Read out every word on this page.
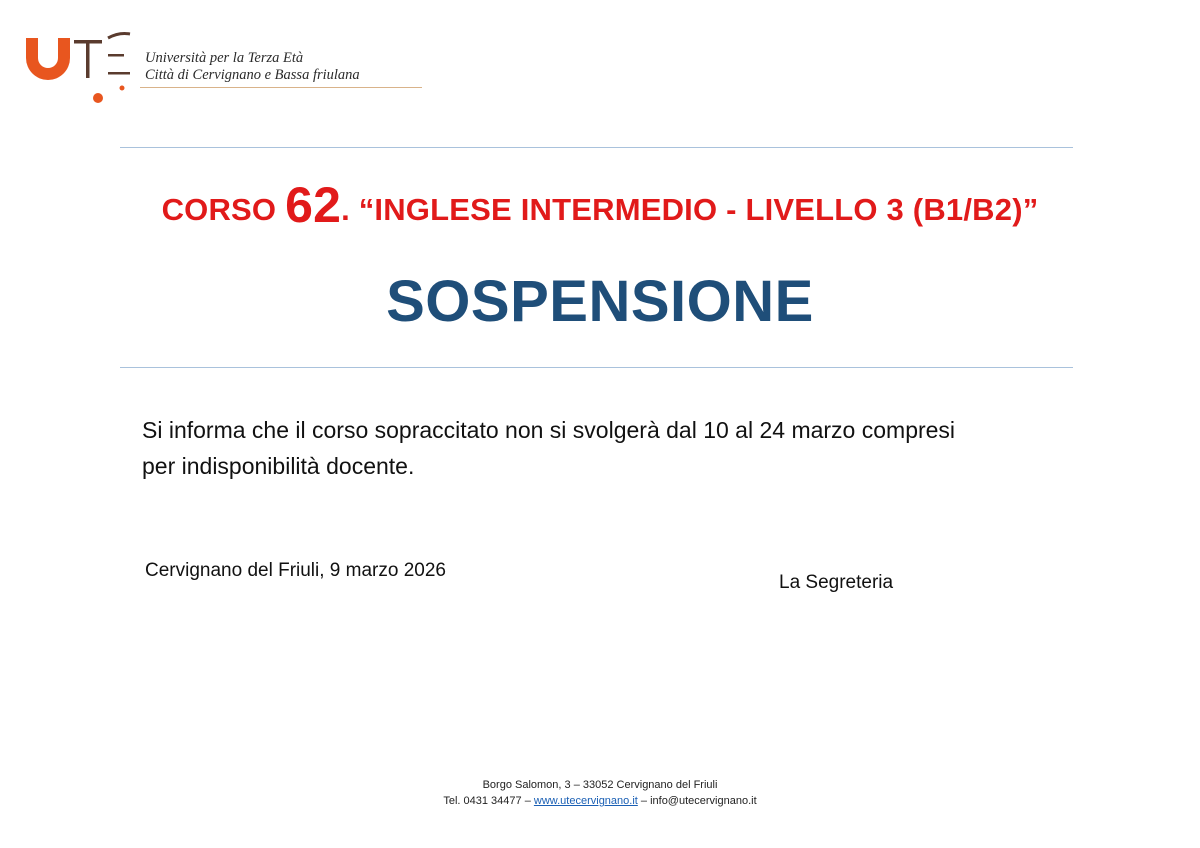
Università per la Terza Età
Città di Cervignano e Bassa friulana
CORSO 62. “INGLESE INTERMEDIO - LIVELLO 3 (B1/B2)”
SOSPENSIONE
Si informa che il corso sopraccitato non si svolgerà dal 10 al 24 marzo compresi
per indisponibilità docente.
Cervignano del Friuli, 9 marzo 2026
La Segreteria
Borgo Salomon, 3 – 33052 Cervignano del Friuli
Tel. 0431 34477 – www.utecervignano.it – info@utecervignano.it
